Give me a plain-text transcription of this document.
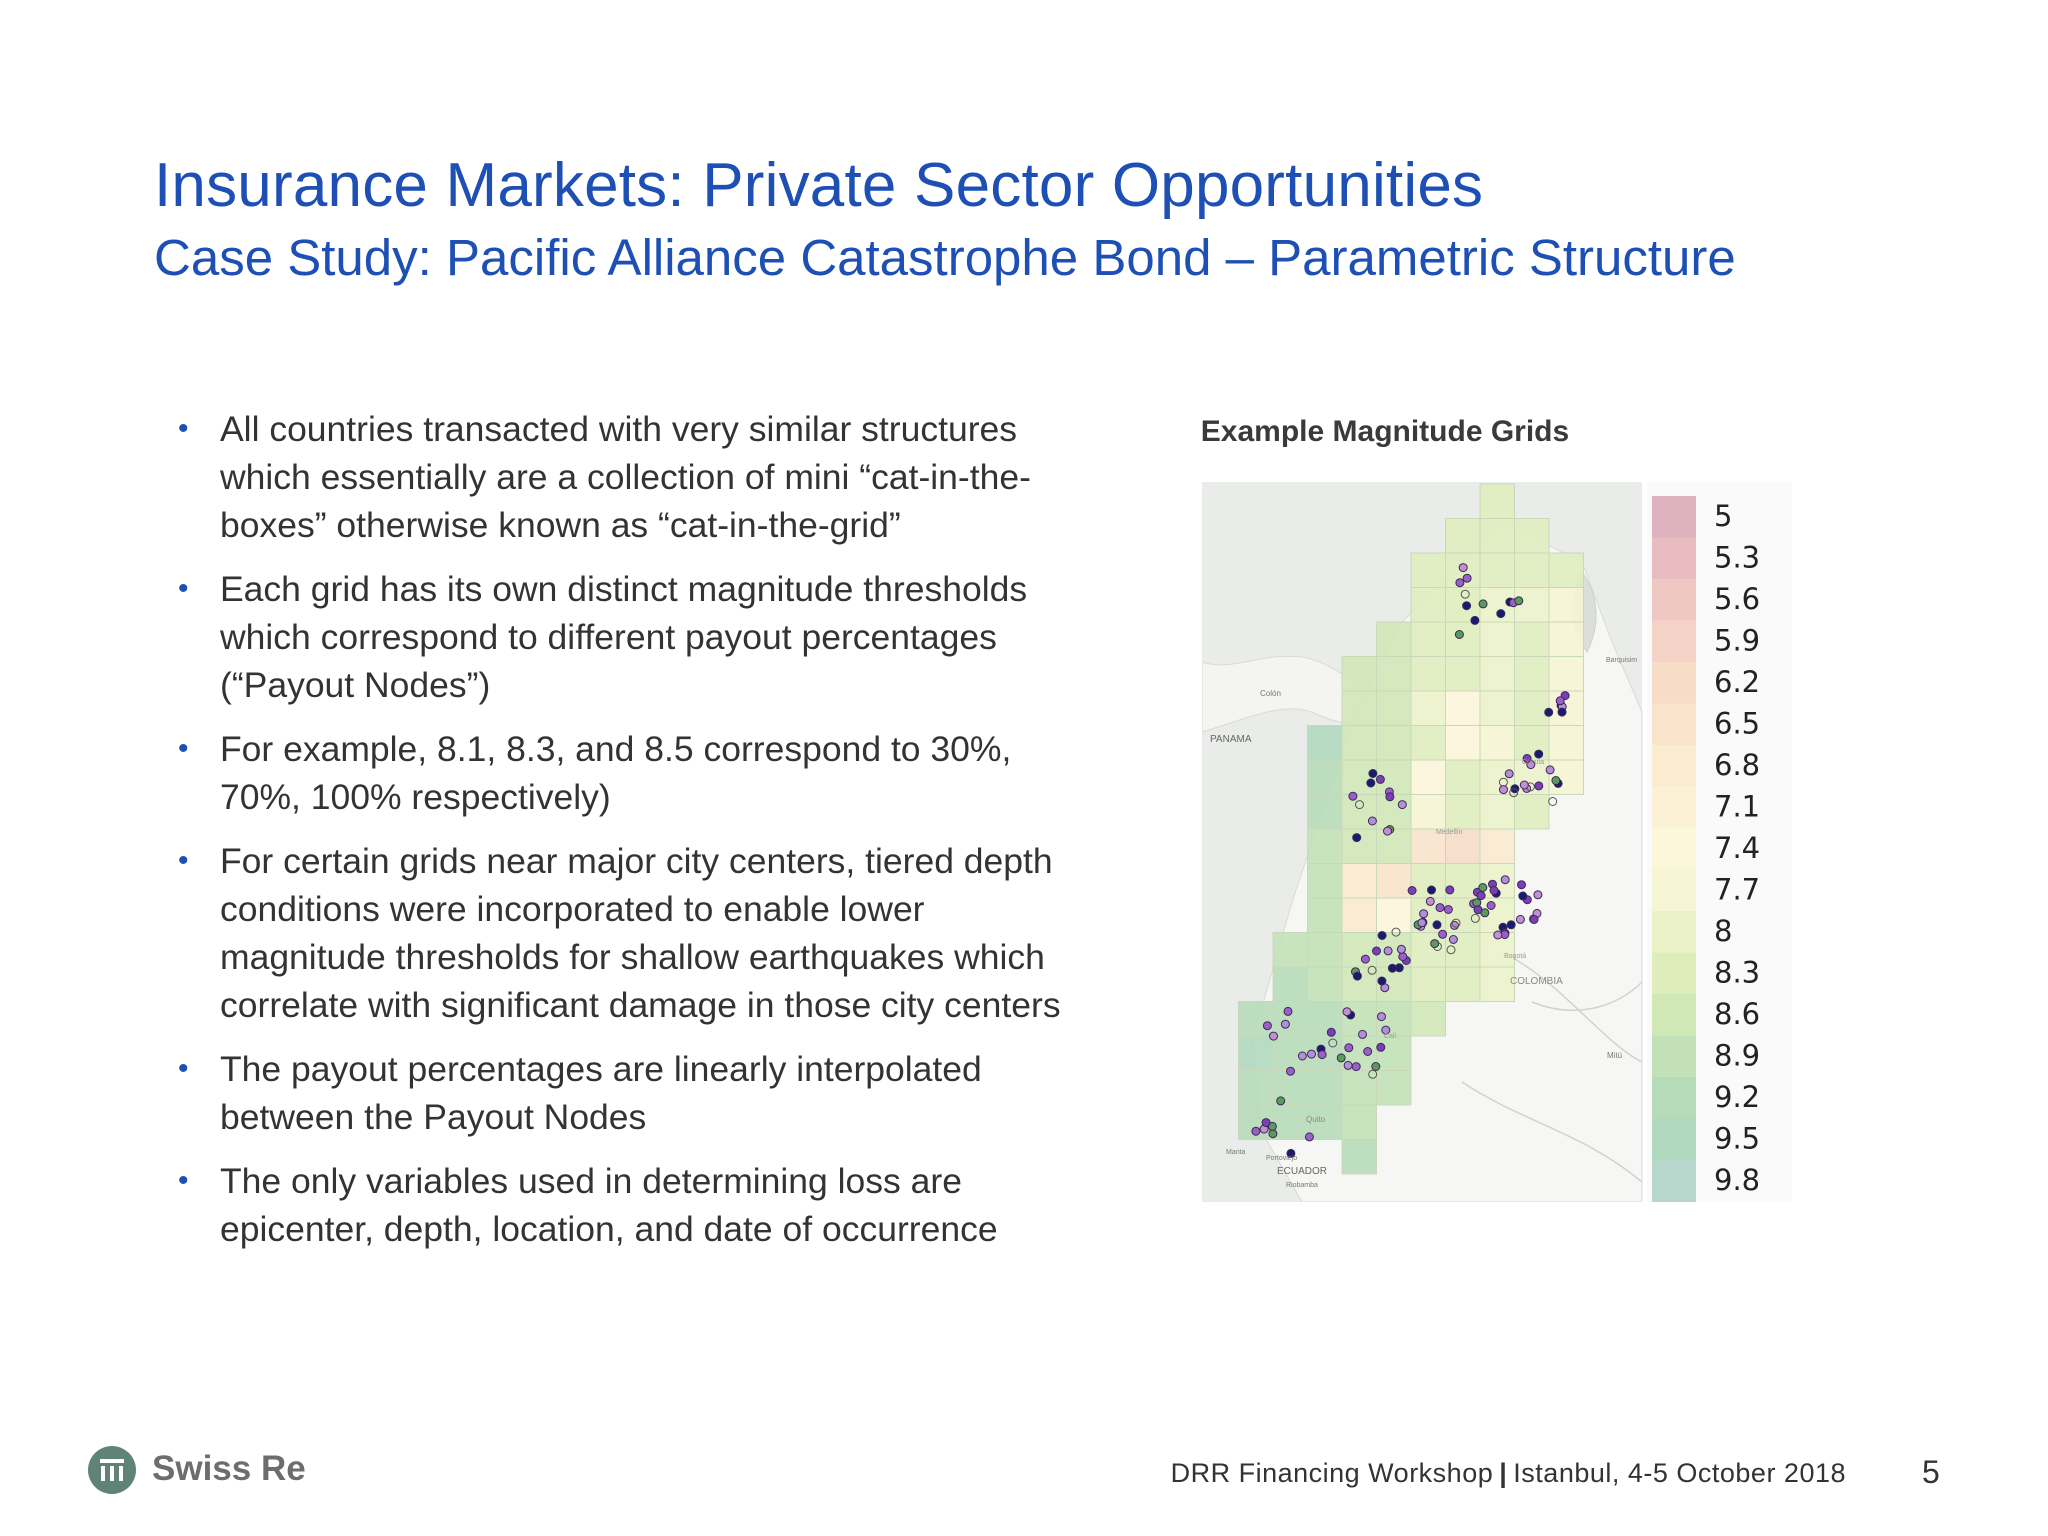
Insurance Markets: Private Sector Opportunities
Case Study: Pacific Alliance Catastrophe Bond – Parametric Structure
• All countries transacted with very similar structures which essentially are a collection of mini “cat-in-the-boxes” otherwise known as “cat-in-the-grid”
• Each grid has its own distinct magnitude thresholds which correspond to different payout percentages (“Payout Nodes”)
• For example, 8.1, 8.3, and 8.5 correspond to 30%, 70%, 100% respectively)
• For certain grids near major city centers, tiered depth conditions were incorporated to enable lower magnitude thresholds for shallow earthquakes which correlate with significant damage in those city centers
• The payout percentages are linearly interpolated between the Payout Nodes
• The only variables used in determining loss are epicenter, depth, location, and date of occurrence
Example Magnitude Grids
PANAMA
COLOMBIA
ECUADOR
Colón
Mitú
Quito
Riobamba
Portoviejo
Manta
Barquisim
Cúcuta
Medellín
Cali
Bogotá
5
5.3
5.6
5.9
6.2
6.5
6.8
7.1
7.4
7.7
8
8.3
8.6
8.9
9.2
9.5
9.8
Swiss Re	DRR Financing Workshop | Istanbul, 4-5 October 2018 5
